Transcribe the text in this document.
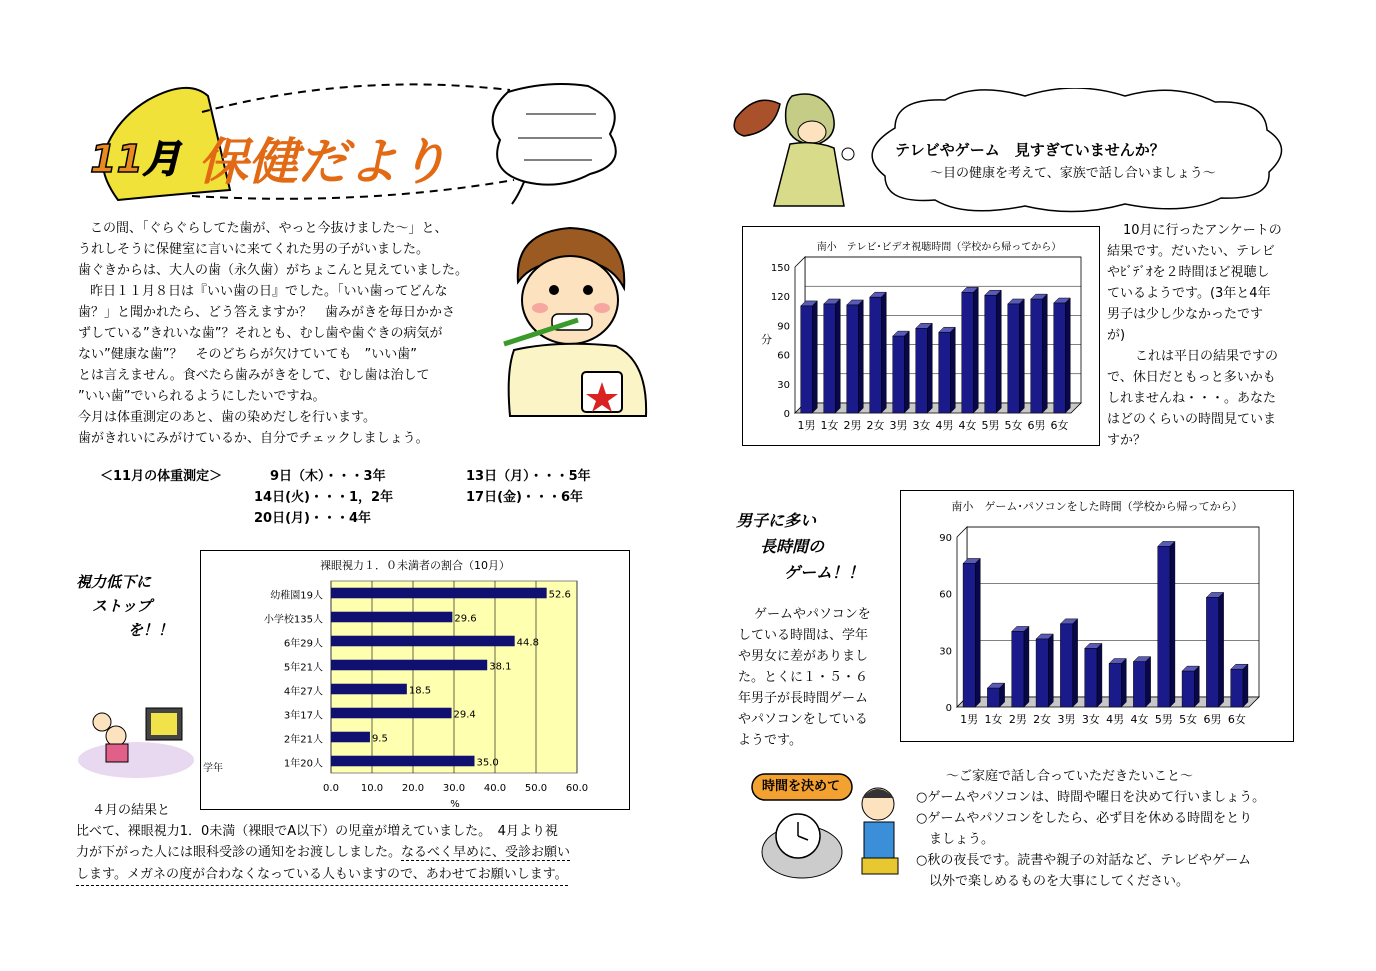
11月 保健だより
この間、「ぐらぐらしてた歯が、やっと今抜けました～」と、
うれしそうに保健室に言いに来てくれた男の子がいました。
歯ぐきからは、大人の歯（永久歯）がちょこんと見えていました。
昨日１１月８日は『いい歯の日』でした。「いい歯ってどんな
歯？」と聞かれたら、どう答えますか？　歯みがきを毎日かかさ
ずしている”きれいな歯”？それとも、むし歯や歯ぐきの病気が
ない”健康な歯”？　そのどちらが欠けていても　”いい歯”
とは言えません。食べたら歯みがきをして、むし歯は治して
”いい歯”でいられるようにしたいですね。
今月は体重測定のあと、歯の染めだしを行います。
歯がきれいにみがけているか、自分でチェックしましょう。
＜11月の体重測定＞	9日（木）・・・3年	13日（月）・・・5年
14日(火)・・・1，2年	17日(金)・・・6年
20日(月)・・・4年
視力低下に
ストップ
を！！
裸眼視力１．０未満者の割合（10月）
52.6
幼稚園19人
29.6
小学校135人
44.8
6年29人
38.1
5年21人
18.5
4年27人
29.4
3年17人
9.5
2年21人
35.0
1年20人
0.0 10.0 20.0 30.0 40.0 50.0 60.0
%
学年
４月の結果と
比べて、裸眼視力1．0未満（裸眼でA以下）の児童が増えていました。　4月より視
力が下がった人には眼科受診の通知をお渡ししました。なるべく早めに、受診お願い
します。メガネの度が合わなくなっている人もいますので、あわせてお願いします。
テレビやゲーム　見すぎていませんか？
～目の健康を考えて、家族で話し合いましょう～
南小　テレビ･ビデオ視聴時間（学校から帰ってから）
0
30
60
90
120
150
1男 1女 2男 2女 3男 3女 4男 4女 5男 5女 6男 6女
分
10月に行ったアンケートの
結果です。だいたい、テレビ
やﾋﾞﾃﾞｵを２時間ほど視聴し
ているようです。(3年と4年
男子は少し少なかったです
が)
これは平日の結果ですの
で、休日だともっと多いかも
しれませんね・・・。あなた
はどのくらいの時間見ていま
すか？
男子に多い
長時間の
ゲーム！！
ゲームやパソコンを
している時間は、学年
や男女に差がありまし
た。とくに１・５・６
年男子が長時間ゲーム
やパソコンをしている
ようです。
南小　ゲーム･パソコンをした時間（学校から帰ってから）
0
30
60
90
1男 1女 2男 2女 3男 3女 4男 4女 5男 5女 6男 6女
時間を決めて
～ご家庭で話し合っていただきたいこと～
○ゲームやパソコンは、時間や曜日を決めて行いましょう。
○ゲームやパソコンをしたら、必ず目を休める時間をとり
　ましょう。
○秋の夜長です。読書や親子の対話など、テレビやゲーム
　以外で楽しめるものを大事にしてください。
